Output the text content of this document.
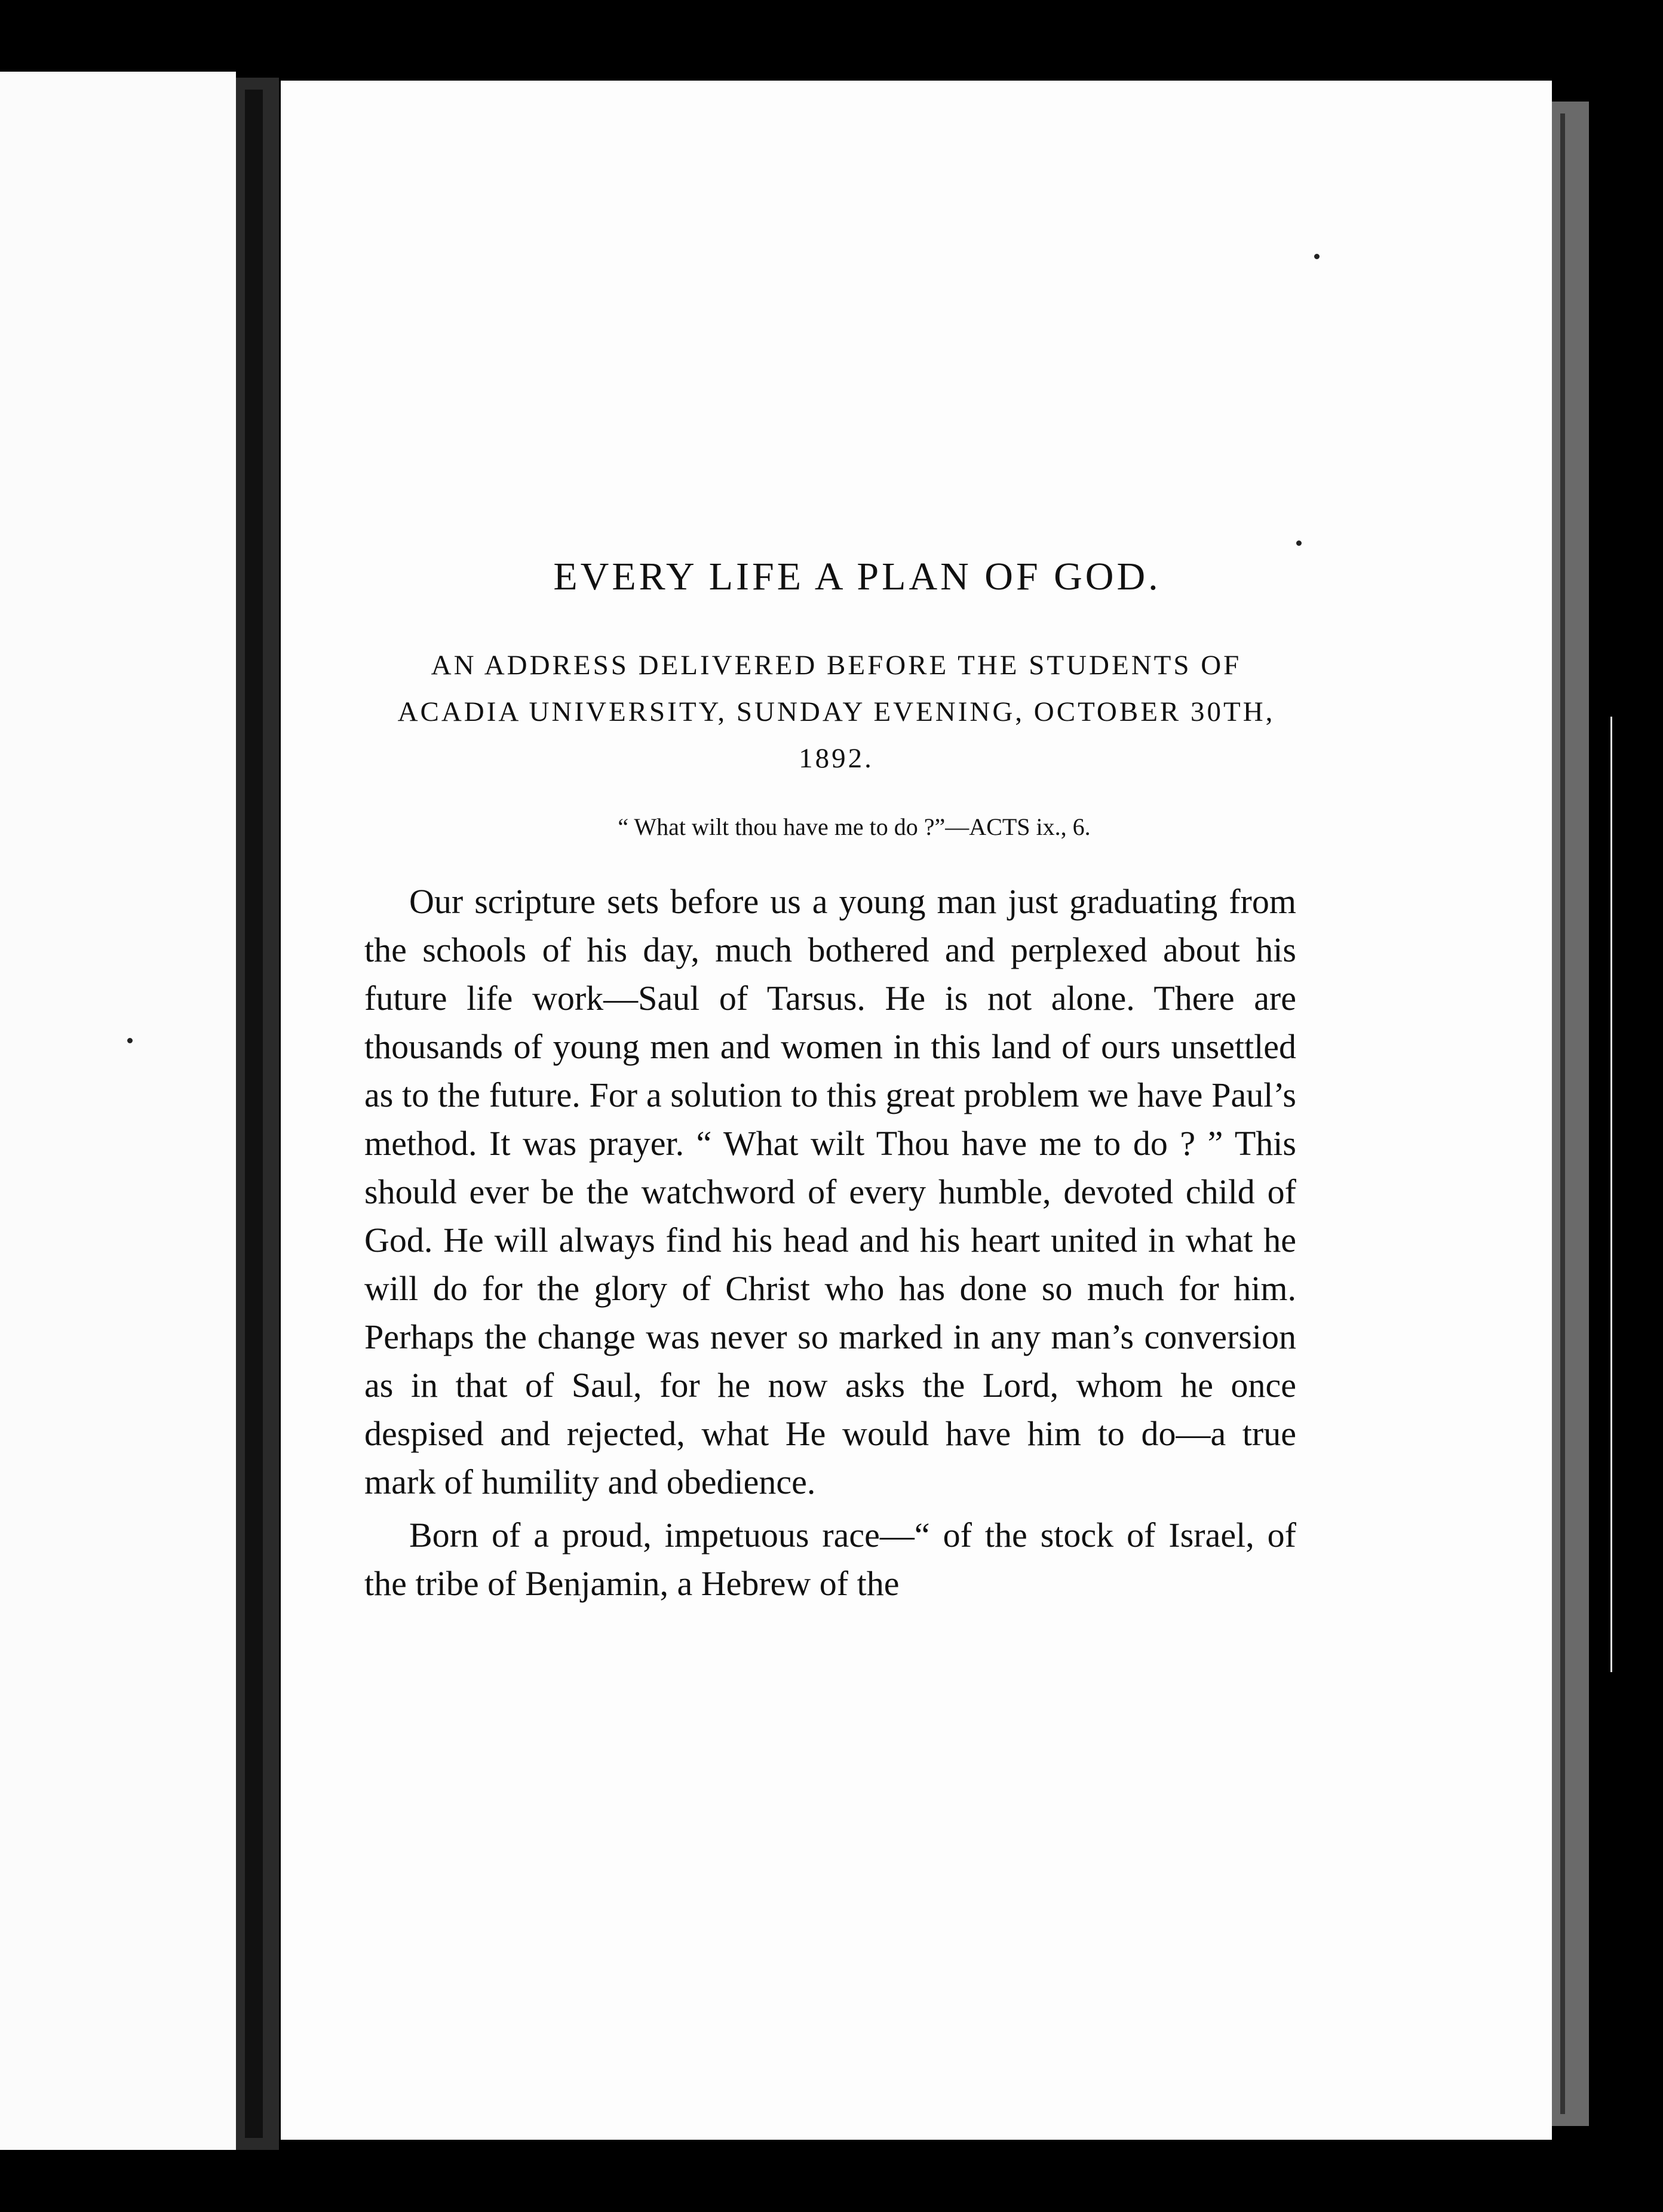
EVERY LIFE A PLAN OF GOD.
AN ADDRESS DELIVERED BEFORE THE STUDENTS OF ACADIA UNIVERSITY, SUNDAY EVENING, OCTOBER 30TH, 1892.
“ What wilt thou have me to do ?”—ACTS ix., 6.

Our scripture sets before us a young man just graduating from the schools of his day, much bothered and perplexed about his future life work—Saul of Tarsus. He is not alone. There are thousands of young men and women in this land of ours unsettled as to the future. For a solution to this great problem we have Paul’s method. It was prayer. “ What wilt Thou have me to do ? ” This should ever be the watchword of every humble, devoted child of God. He will always find his head and his heart united in what he will do for the glory of Christ who has done so much for him. Perhaps the change was never so marked in any man’s conversion as in that of Saul, for he now asks the Lord, whom he once despised and rejected, what He would have him to do—a true mark of humility and obedience.

Born of a proud, impetuous race—“ of the stock of Israel, of the tribe of Benjamin, a Hebrew of the
